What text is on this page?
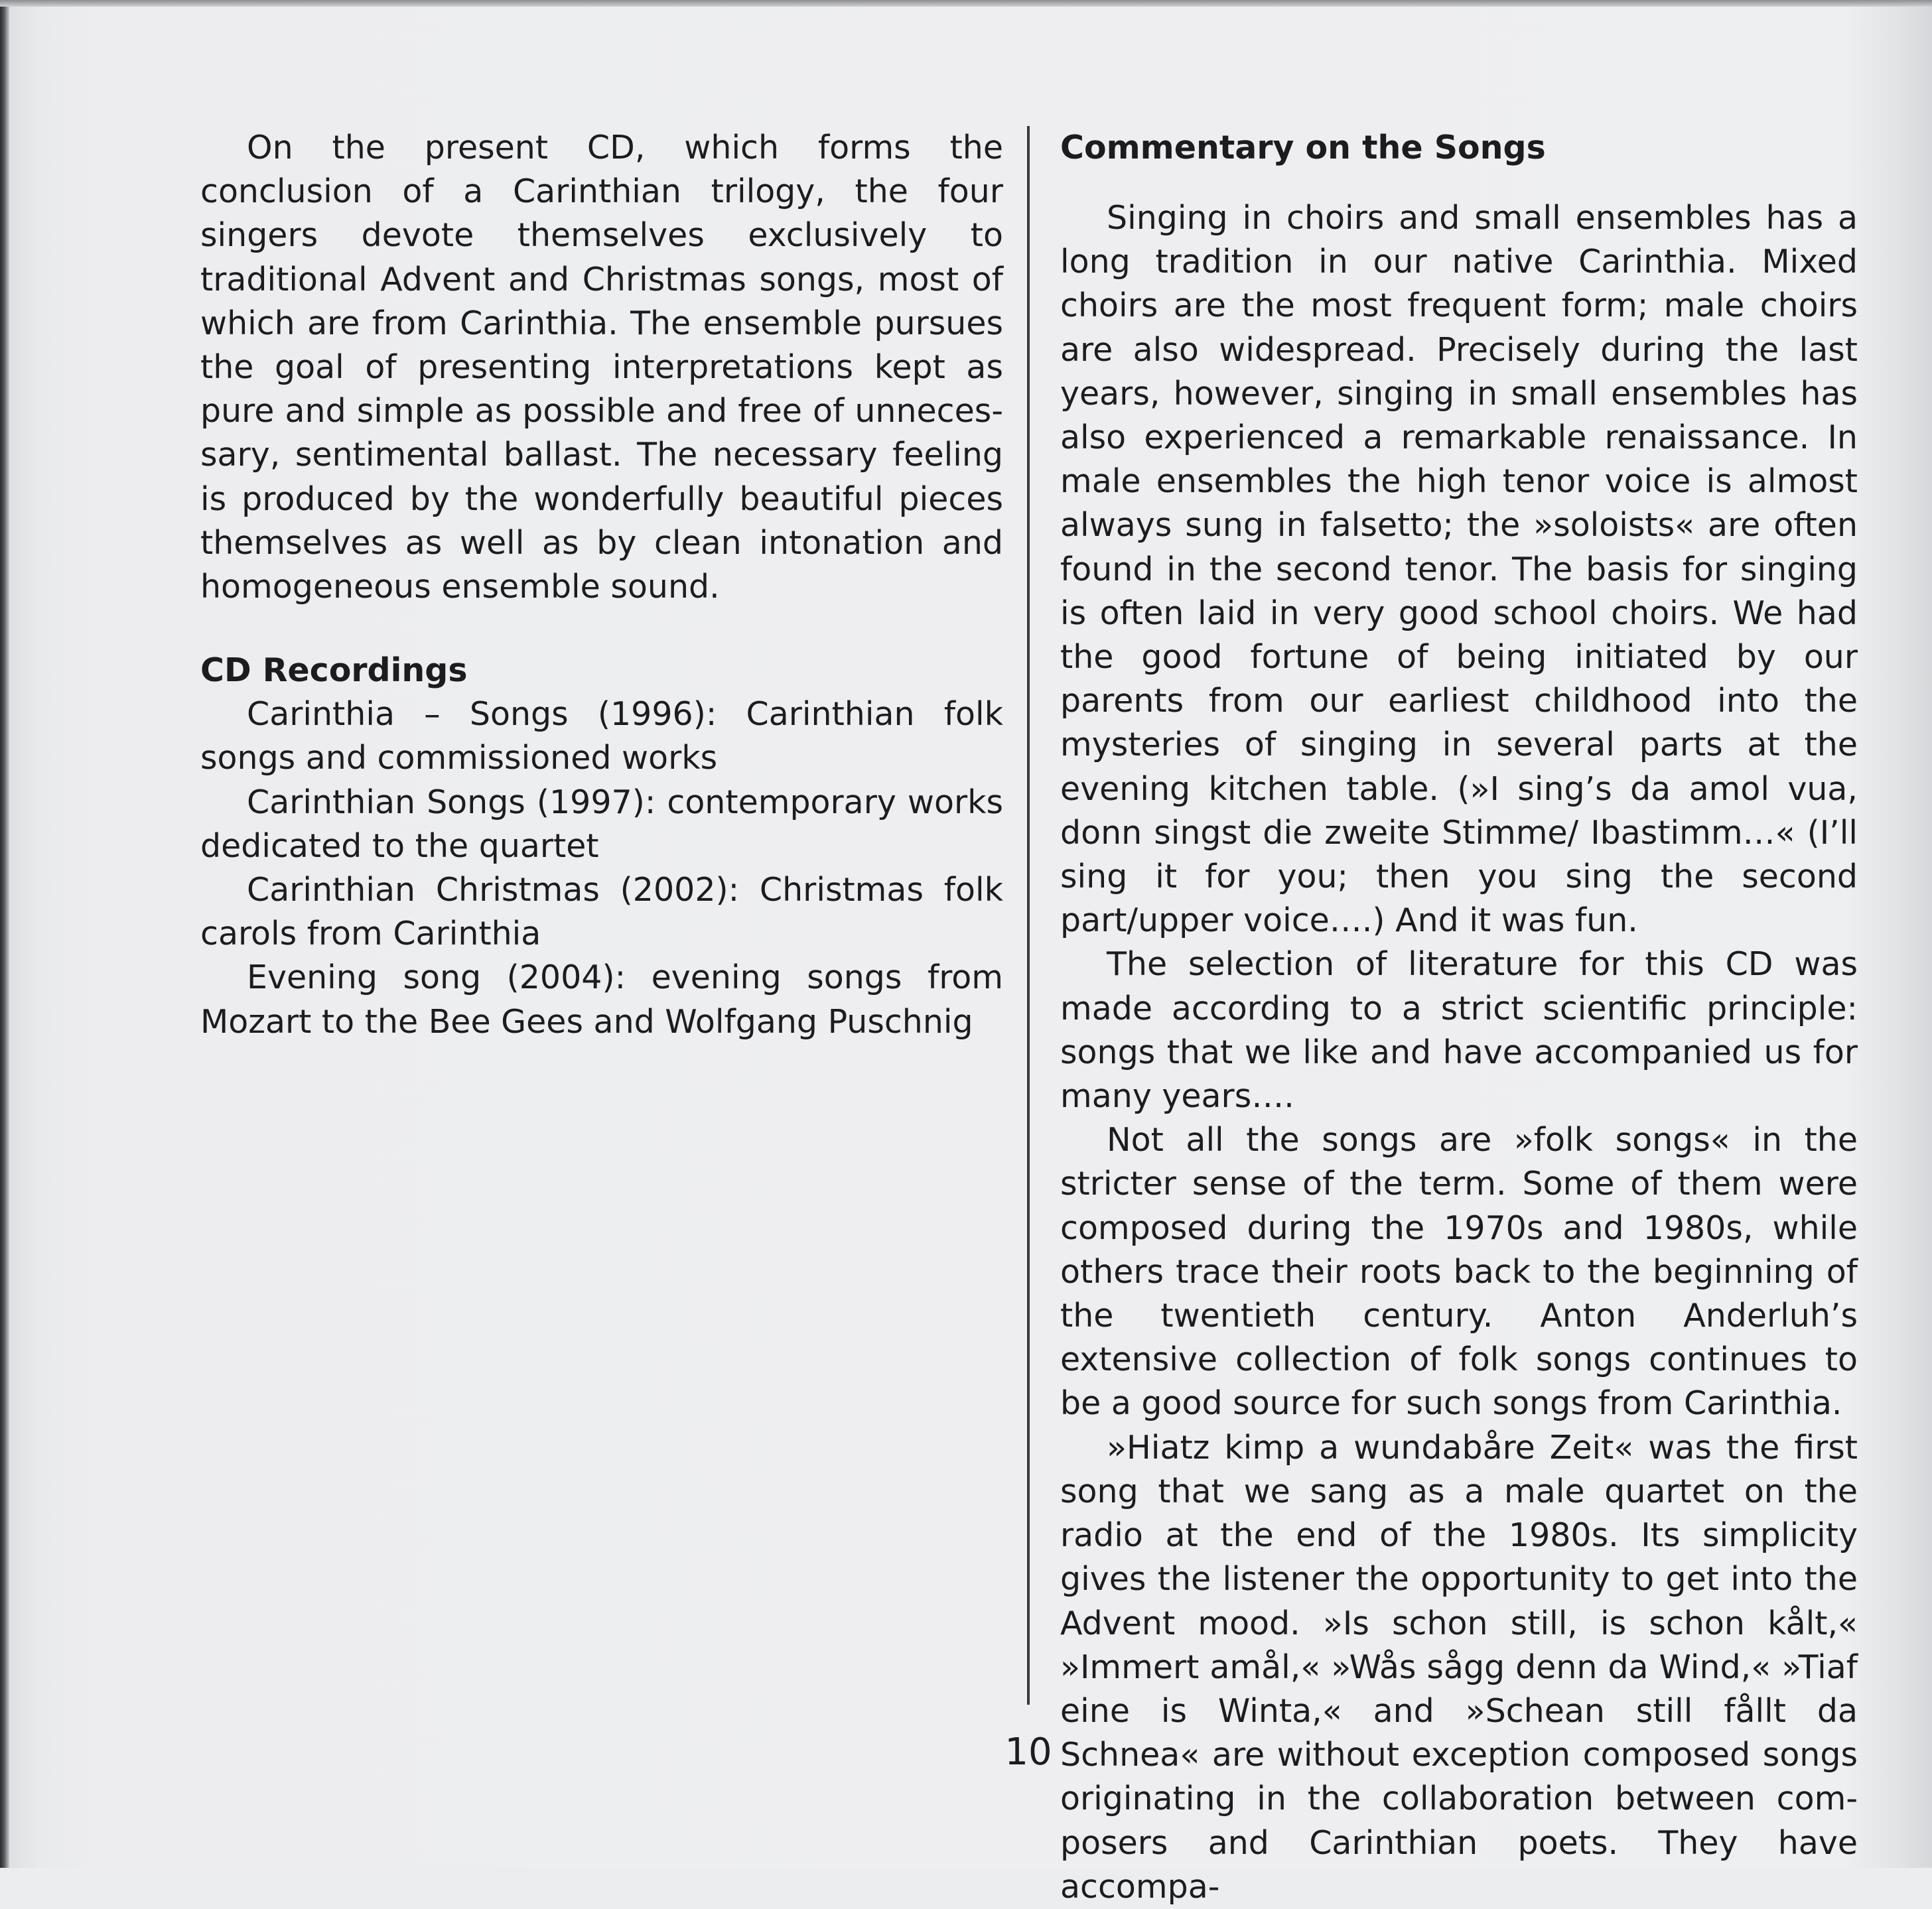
On the present CD, which forms the conclusion of a Carinthian trilogy, the four singers devote themselves exclusively to traditional Advent and Christmas songs, most of which are from Carinthia. The ensemble pursues the goal of presenting interpretations kept as pure and simple as possible and free of unnecessary, sentimental ballast. The necessary feeling is produced by the wonderfully beautiful pieces themselves as well as by clean intonation and homogeneous ensemble sound.

CD Recordings

Carinthia – Songs (1996): Carinthian folk songs and commissioned works

Carinthian Songs (1997): contemporary works dedicated to the quartet

Carinthian Christmas (2002): Christmas folk carols from Carinthia

Evening song (2004): evening songs from Mozart to the Bee Gees and Wolfgang Puschnig

Commentary on the Songs

Singing in choirs and small ensembles has a long tradition in our native Carinthia. Mixed choirs are the most frequent form; male choirs are also widespread. Precisely during the last years, however, singing in small ensembles has also experienced a remarkable renaissance. In male ensembles the high tenor voice is almost always sung in falsetto; the »soloists« are often found in the second tenor. The basis for singing is often laid in very good school choirs. We had the good fortune of being initiated by our parents from our earliest childhood into the mysteries of singing in several parts at the evening kitchen table. (»I sing’s da amol vua, donn singst die zweite Stimme/ Ibastimm…« (I’ll sing it for you; then you sing the second part/upper voice….) And it was fun.

The selection of literature for this CD was made according to a strict scientific principle: songs that we like and have accompanied us for many years….

Not all the songs are »folk songs« in the stricter sense of the term. Some of them were composed during the 1970s and 1980s, while others trace their roots back to the beginning of the twentieth century. Anton Anderluh’s extensive collection of folk songs continues to be a good source for such songs from Carinthia.

»Hiatz kimp a wundabåre Zeit« was the first song that we sang as a male quartet on the radio at the end of the 1980s. Its simplicity gives the listener the opportunity to get into the Advent mood. »Is schon still, is schon kålt,« »Immert amål,« »Wås sågg denn da Wind,« »Tiaf eine is Winta,« and »Schean still fållt da Schnea« are without exception composed songs originating in the collaboration between composers and Carinthian poets. They have accompa-

10
